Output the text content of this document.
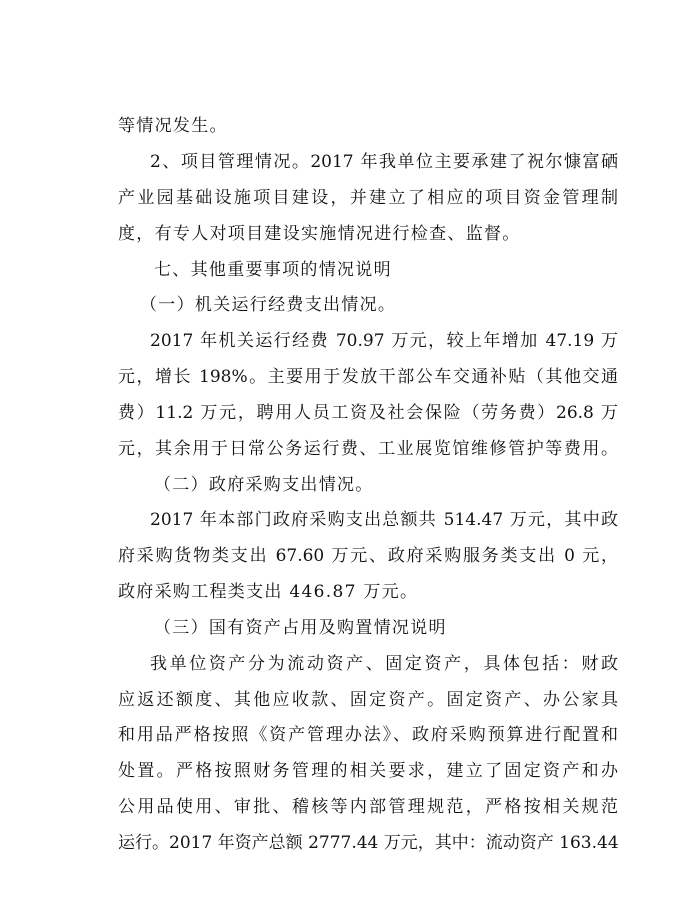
等情况发生。

2、项目管理情况。2017 年我单位主要承建了祝尔慷富硒

产业园基础设施项目建设，并建立了相应的项目资金管理制

度，有专人对项目建设实施情况进行检查、监督。

七、其他重要事项的情况说明

（一）机关运行经费支出情况。

2017 年机关运行经费 70.97 万元，较上年增加 47.19 万

元，增长 198%。主要用于发放干部公车交通补贴（其他交通

费）11.2 万元，聘用人员工资及社会保险（劳务费）26.8 万

元，其余用于日常公务运行费、工业展览馆维修管护等费用。

（二）政府采购支出情况。

2017 年本部门政府采购支出总额共 514.47 万元，其中政

府采购货物类支出 67.60 万元、政府采购服务类支出 0 元，

政府采购工程类支出 446.87 万元。

（三）国有资产占用及购置情况说明

我单位资产分为流动资产、固定资产，具体包括：财政

应返还额度、其他应收款、固定资产。固定资产、办公家具

和用品严格按照《资产管理办法》、政府采购预算进行配置和

处置。严格按照财务管理的相关要求，建立了固定资产和办

公用品使用、审批、稽核等内部管理规范，严格按相关规范

运行。2017 年资产总额 2777.44 万元，其中：流动资产 163.44
